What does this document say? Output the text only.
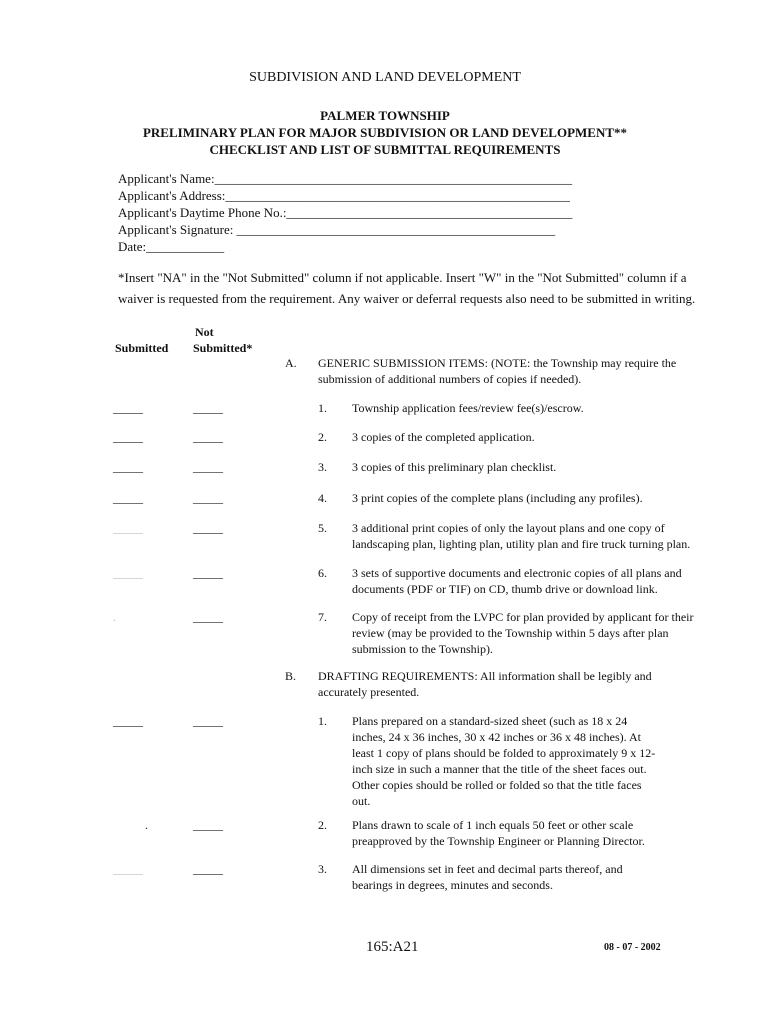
SUBDIVISION AND LAND DEVELOPMENT
PALMER TOWNSHIP
PRELIMINARY PLAN FOR MAJOR SUBDIVISION OR LAND DEVELOPMENT**
CHECKLIST AND LIST OF SUBMITTAL REQUIREMENTS
Applicant's Name:_______________________________________________________
Applicant's Address:_____________________________________________________
Applicant's Daytime Phone No.:____________________________________________
Applicant's Signature: _________________________________________________
Date:____________
*Insert "NA" in the "Not Submitted" column if not applicable. Insert "W" in the "Not Submitted" column if a waiver is requested from the requirement. Any waiver or deferral requests also need to be submitted in writing.
Submitted
Not
Submitted*
A. GENERIC SUBMISSION ITEMS: (NOTE: the Township may require the submission of additional numbers of copies if needed).
_____	_____	1. Township application fees/review fee(s)/escrow.
_____	_____	2. 3 copies of the completed application.
_____	_____	3. 3 copies of this preliminary plan checklist.
_____	_____	4. 3 print copies of the complete plans (including any profiles).
_____	_____	5. 3 additional print copies of only the layout plans and one copy of landscaping plan, lighting plan, utility plan and fire truck turning plan.
_____	_____	6. 3 sets of supportive documents and electronic copies of all plans and documents (PDF or TIF) on CD, thumb drive or download link.
.	_____	7. Copy of receipt from the LVPC for plan provided by applicant for their review (may be provided to the Township within 5 days after plan submission to the Township).
B. DRAFTING REQUIREMENTS: All information shall be legibly and accurately presented.
_____	_____	1. Plans prepared on a standard-sized sheet (such as 18 x 24 inches, 24 x 36 inches, 30 x 42 inches or 36 x 48 inches). At least 1 copy of plans should be folded to approximately 9 x 12-inch size in such a manner that the title of the sheet faces out. Other copies should be rolled or folded so that the title faces out.
.	_____	2. Plans drawn to scale of 1 inch equals 50 feet or other scale preapproved by the Township Engineer or Planning Director.
_____	_____	3. All dimensions set in feet and decimal parts thereof, and bearings in degrees, minutes and seconds.
165:A21	08 - 07 - 2002
